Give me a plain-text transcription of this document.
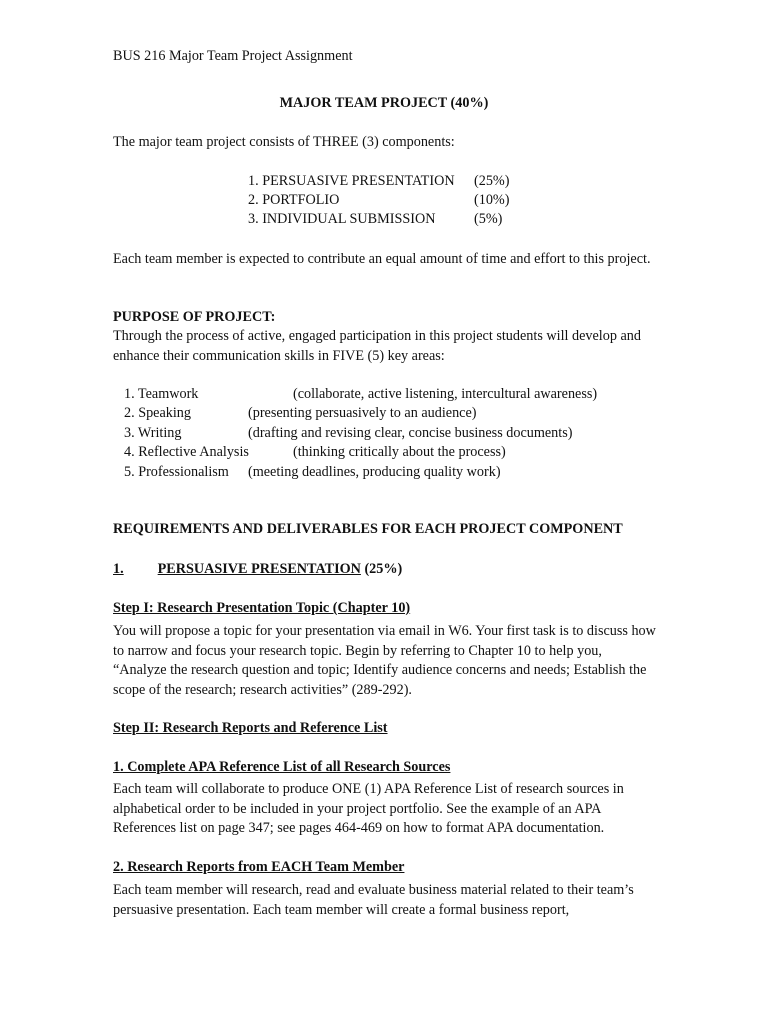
BUS 216 Major Team Project Assignment
MAJOR TEAM PROJECT (40%)
The major team project consists of THREE (3) components:
1. PERSUASIVE PRESENTATION (25%)
2. PORTFOLIO	(10%)
3. INDIVIDUAL SUBMISSION	(5%)
Each team member is expected to contribute an equal amount of time and effort to this project.
PURPOSE OF PROJECT:
Through the process of active, engaged participation in this project students will develop and enhance their communication skills in FIVE (5) key areas:
1. Teamwork	(collaborate, active listening, intercultural awareness)
2. Speaking	(presenting persuasively to an audience)
3. Writing	(drafting and revising clear, concise business documents)
4. Reflective Analysis	(thinking critically about the process)
5. Professionalism (meeting deadlines, producing quality work)
REQUIREMENTS AND DELIVERABLES FOR EACH PROJECT COMPONENT
1. PERSUASIVE PRESENTATION (25%)
Step I: Research Presentation Topic (Chapter 10)
You will propose a topic for your presentation via email in W6. Your first task is to discuss how to narrow and focus your research topic. Begin by referring to Chapter 10 to help you, “Analyze the research question and topic; Identify audience concerns and needs; Establish the scope of the research; research activities” (289-292).
Step II: Research Reports and Reference List
1. Complete APA Reference List of all Research Sources
Each team will collaborate to produce ONE (1) APA Reference List of research sources in alphabetical order to be included in your project portfolio. See the example of an APA References list on page 347; see pages 464-469 on how to format APA documentation.
2. Research Reports from EACH Team Member
Each team member will research, read and evaluate business material related to their team’s persuasive presentation. Each team member will create a formal business report,
